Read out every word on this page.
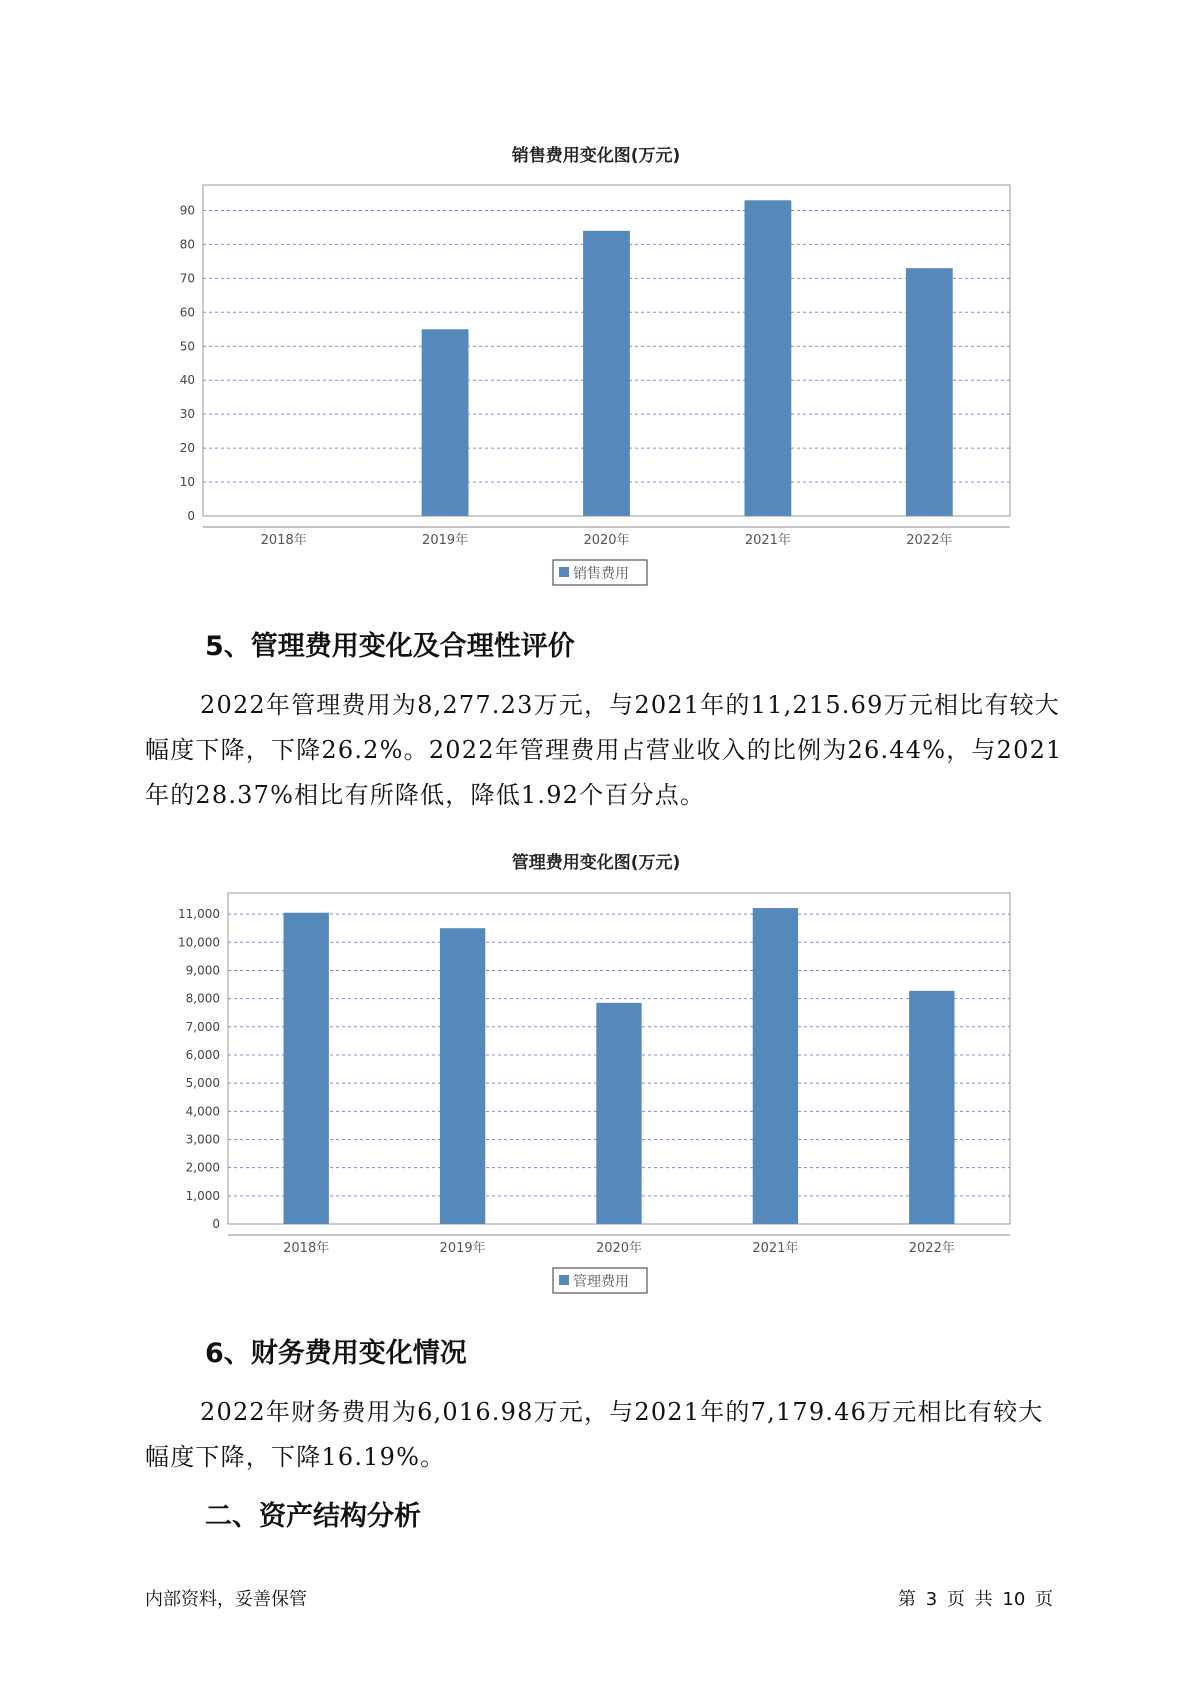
销售费用变化图(万元)
0
10
20
30
40
50
60
70
80
90
2018年	2019年	2020年	2021年	2022年
销售费用
5、管理费用变化及合理性评价

2022年管理费用为8,277.23万元，与2021年的11,215.69万元相比有较大幅度下降，下降26.2%。2022年管理费用占营业收入的比例为26.44%，与2021年的28.37%相比有所降低，降低1.92个百分点。

管理费用变化图(万元)
0
1,000
2,000
3,000
4,000
5,000
6,000
7,000
8,000
9,000
10,000
11,000
2018年	2019年	2020年	2021年	2022年
管理费用
6、财务费用变化情况

2022年财务费用为6,016.98万元，与2021年的7,179.46万元相比有较大幅度下降，下降16.19%。

二、资产结构分析
内部资料，妥善保管	第 3 页 共 10 页
